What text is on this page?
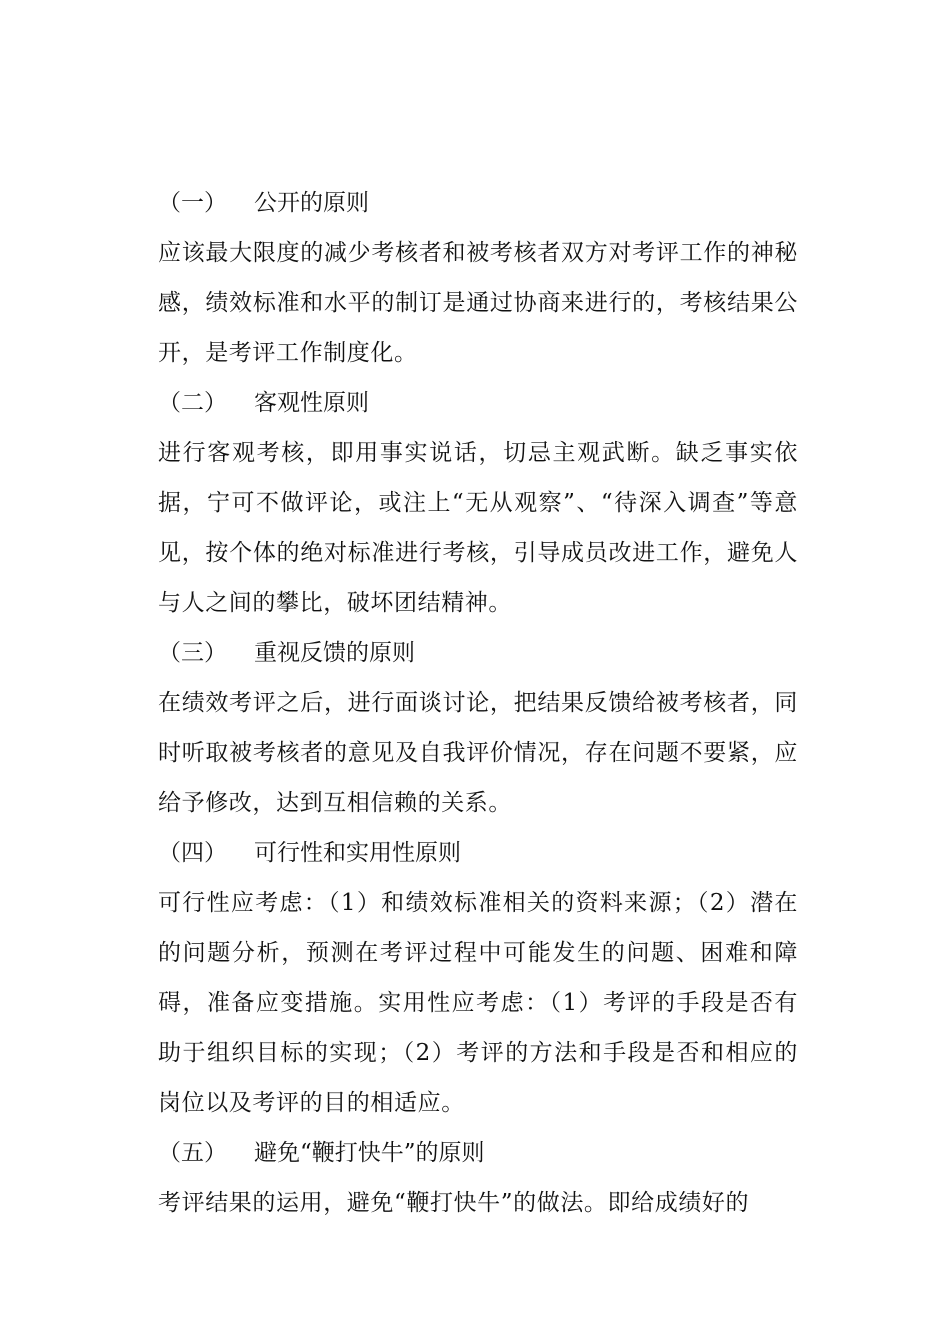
（一） 公开的原则

应该最大限度的减少考核者和被考核者双方对考评工作的神秘感，绩效标准和水平的制订是通过协商来进行的，考核结果公开，是考评工作制度化。

（二） 客观性原则

进行客观考核，即用事实说话，切忌主观武断。缺乏事实依据，宁可不做评论，或注上“无从观察”、“待深入调查”等意见，按个体的绝对标准进行考核，引导成员改进工作，避免人与人之间的攀比，破坏团结精神。

（三） 重视反馈的原则

在绩效考评之后，进行面谈讨论，把结果反馈给被考核者，同时听取被考核者的意见及自我评价情况，存在问题不要紧，应给予修改，达到互相信赖的关系。

（四） 可行性和实用性原则

可行性应考虑：（1）和绩效标准相关的资料来源；（2）潜在的问题分析，预测在考评过程中可能发生的问题、困难和障碍，准备应变措施。实用性应考虑：（1）考评的手段是否有助于组织目标的实现；（2）考评的方法和手段是否和相应的岗位以及考评的目的相适应。

（五） 避免“鞭打快牛”的原则

考评结果的运用，避免“鞭打快牛”的做法。即给成绩好的
